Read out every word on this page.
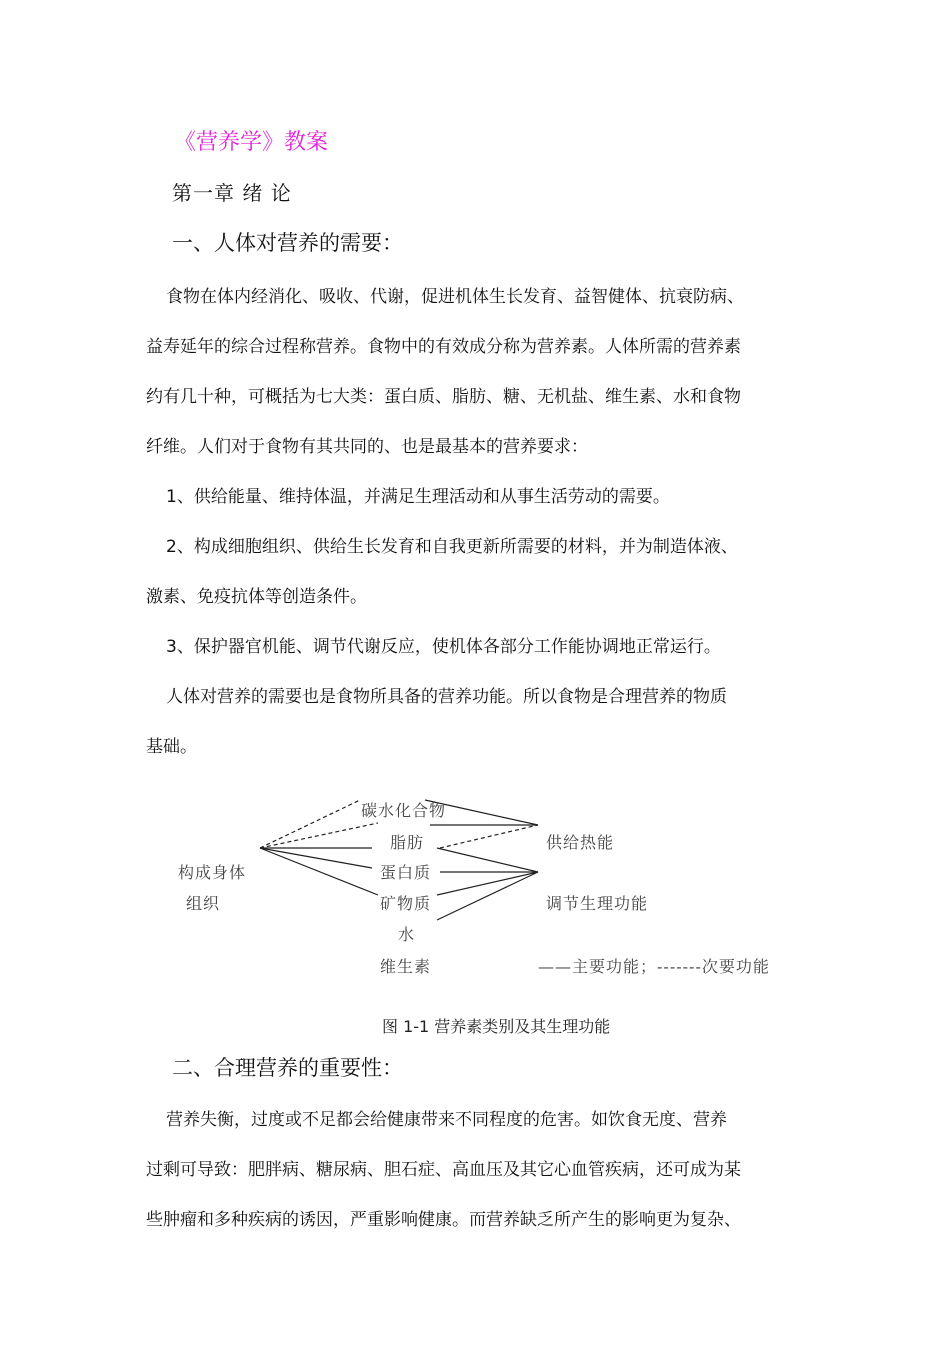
《营养学》教案
第一章 绪 论
一、人体对营养的需要：
食物在体内经消化、吸收、代谢，促进机体生长发育、益智健体、抗衰防病、
益寿延年的综合过程称营养。食物中的有效成分称为营养素。人体所需的营养素
约有几十种，可概括为七大类：蛋白质、脂肪、糖、无机盐、维生素、水和食物
纤维。人们对于食物有其共同的、也是最基本的营养要求：
1、供给能量、维持体温，并满足生理活动和从事生活劳动的需要。
2、构成细胞组织、供给生长发育和自我更新所需要的材料，并为制造体液、
激素、免疫抗体等创造条件。
3、保护器官机能、调节代谢反应，使机体各部分工作能协调地正常运行。
人体对营养的需要也是食物所具备的营养功能。所以食物是合理营养的物质
基础。
碳水化合物
脂肪
蛋白质
矿物质
水
维生素
构成身体
组织
供给热能
调节生理功能
——主要功能；-------次要功能
图 1-1 营养素类别及其生理功能
二、合理营养的重要性：
营养失衡，过度或不足都会给健康带来不同程度的危害。如饮食无度、营养
过剩可导致：肥胖病、糖尿病、胆石症、高血压及其它心血管疾病，还可成为某
些肿瘤和多种疾病的诱因，严重影响健康。而营养缺乏所产生的影响更为复杂、
